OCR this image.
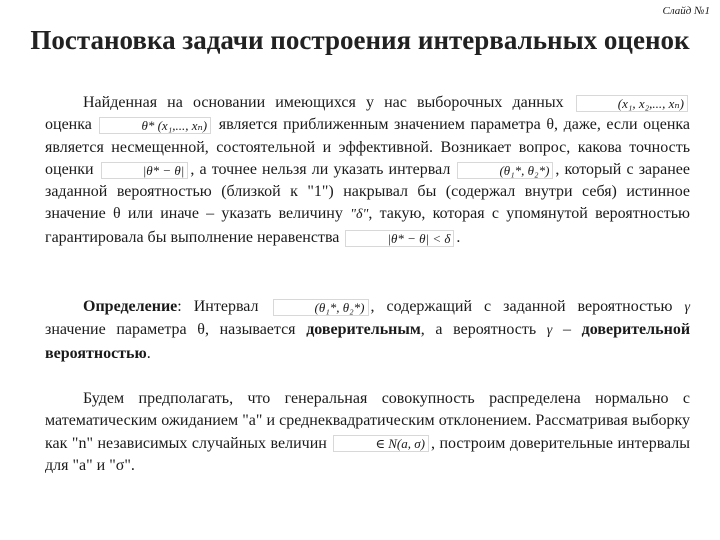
Слайд №1
Постановка задачи построения интервальных оценок

Найденная на основании имеющихся у нас выборочных данных	(x₁, x₂,..., xₙ) оценка	θ* (x₁,..., xₙ) является приближенным значением параметра θ, даже, если оценка является несмещенной, состоятельной и эффективной. Возникает вопрос, какова точность оценки	|θ* − θ| , а точнее нельзя ли указать интервал	(θ₁*, θ₂*) , который с заранее заданной вероятностью (близкой к "1") накрывал бы (содержал внутри себя) истинное значение θ или иначе – указать величину "δ", такую, которая с упомянутой вероятностью гарантировала бы выполнение неравенства	|θ* − θ| < δ .

Определение: Интервал	(θ₁*, θ₂*) , содержащий с заданной вероятностью γ значение параметра θ, называется доверительным, а вероятность γ – доверительной вероятностью.

Будем предполагать, что генеральная совокупность распределена нормально с математическим ожиданием "a" и среднеквадратическим отклонением. Рассматривая выборку как "n" независимых случайных величин	∈ N(a, σ) , построим доверительные интервалы для "a" и "σ".
